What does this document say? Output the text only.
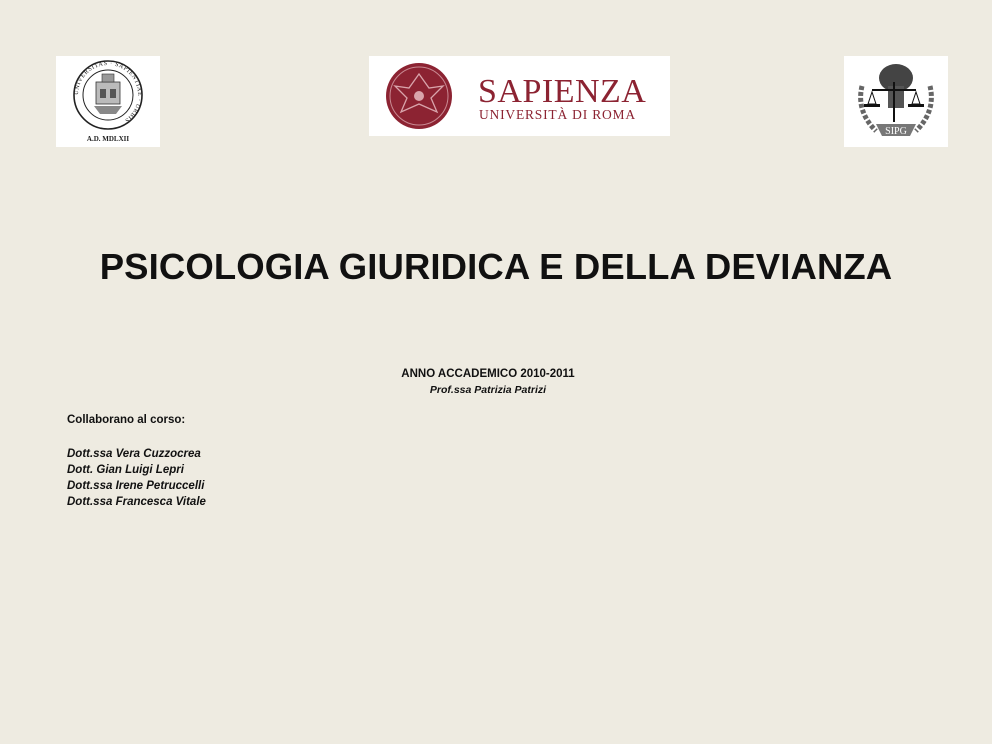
UNIVERSITAS · SAPIENTIAE · URBIS
A.D. MDLXII
SAPIENZA
UNIVERSITÀ DI ROMA
SIPG
PSICOLOGIA GIURIDICA E DELLA DEVIANZA
ANNO ACCADEMICO 2010-2011
Prof.ssa Patrizia Patrizi
Collaborano al corso:
Dott.ssa Vera Cuzzocrea
Dott. Gian Luigi Lepri
Dott.ssa Irene Petruccelli
Dott.ssa Francesca Vitale
